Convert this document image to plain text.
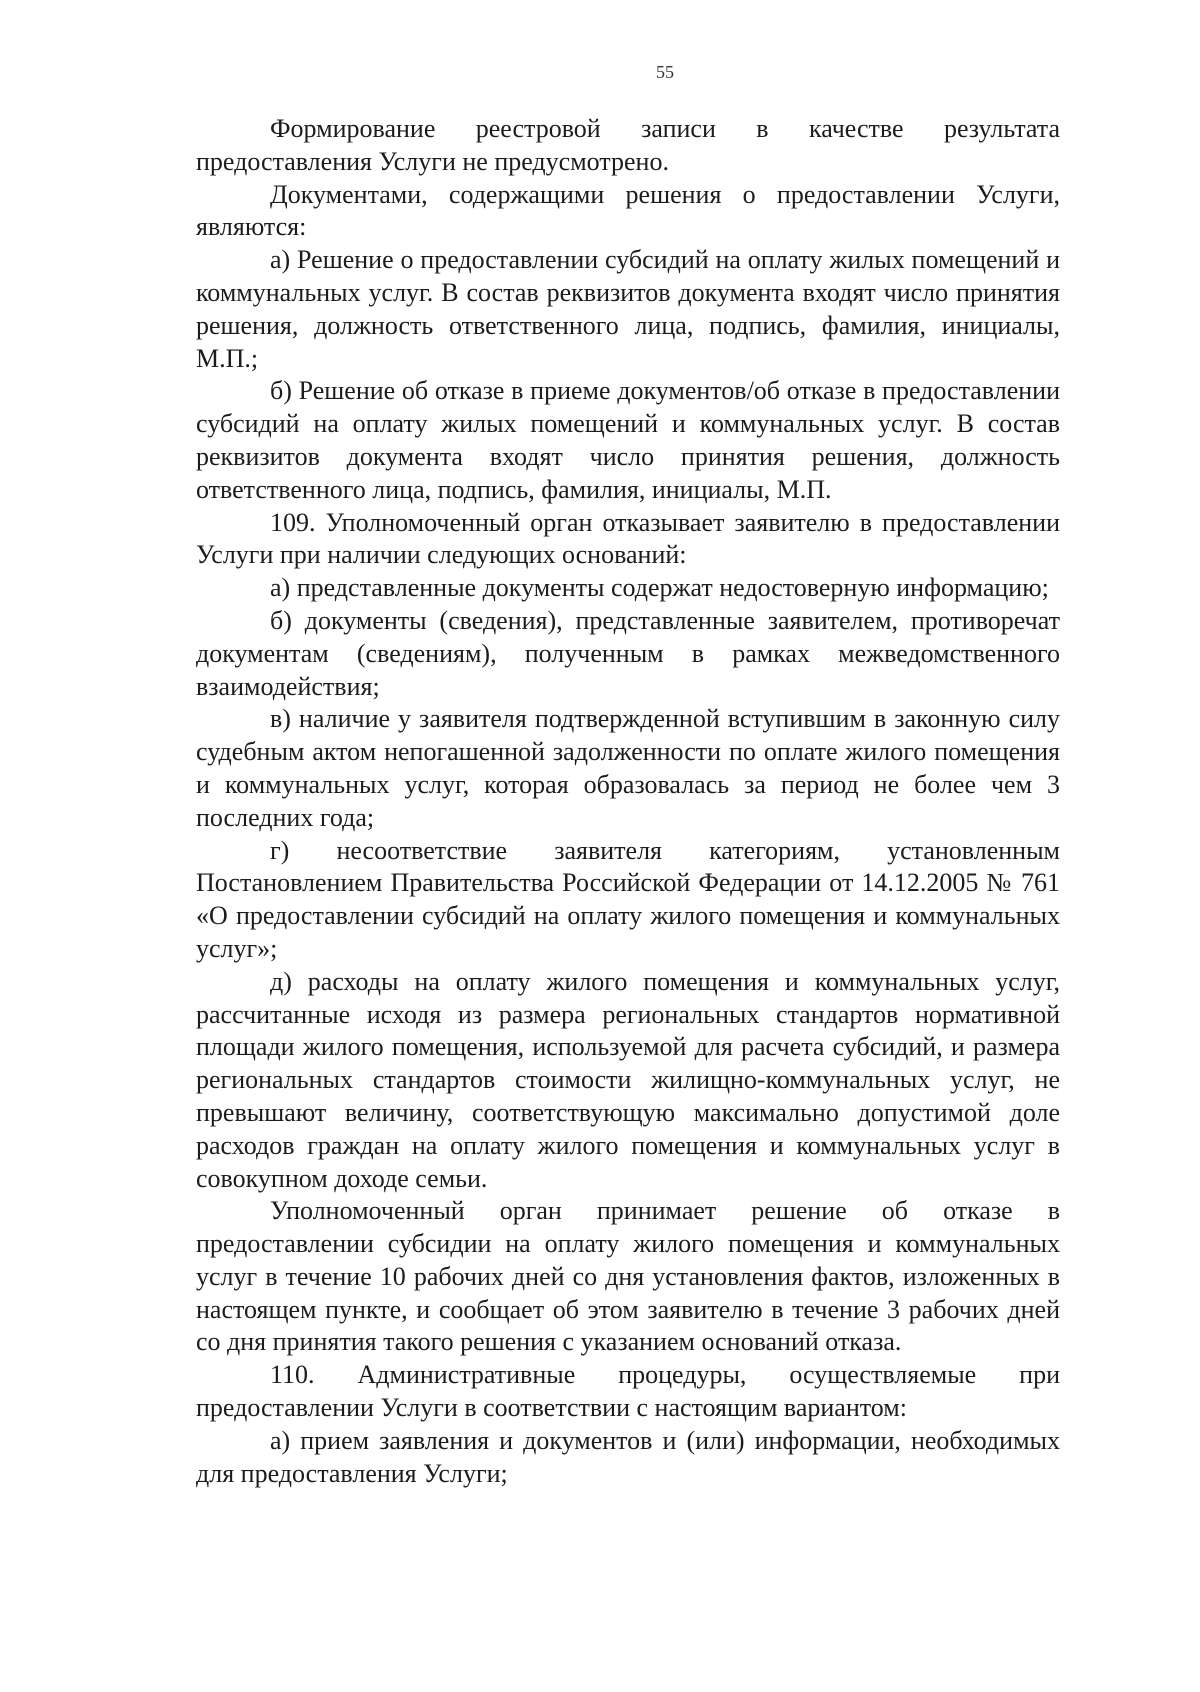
55

Формирование реестровой записи в качестве результата предоставления Услуги не предусмотрено.

Документами, содержащими решения о предоставлении Услуги, являются:

а) Решение о предоставлении субсидий на оплату жилых помещений и коммунальных услуг. В состав реквизитов документа входят число принятия решения, должность ответственного лица, подпись, фамилия, инициалы, М.П.;

б) Решение об отказе в приеме документов/об отказе в предоставлении субсидий на оплату жилых помещений и коммунальных услуг. В состав реквизитов документа входят число принятия решения, должность ответственного лица, подпись, фамилия, инициалы, М.П.

109. Уполномоченный орган отказывает заявителю в предоставлении Услуги при наличии следующих оснований:

а) представленные документы содержат недостоверную информацию;

б) документы (сведения), представленные заявителем, противоречат документам (сведениям), полученным в рамках межведомственного взаимодействия;

в) наличие у заявителя подтвержденной вступившим в законную силу судебным актом непогашенной задолженности по оплате жилого помещения и коммунальных услуг, которая образовалась за период не более чем 3 последних года;

г) несоответствие заявителя категориям, установленным Постановлением Правительства Российской Федерации от 14.12.2005 № 761 «О предоставлении субсидий на оплату жилого помещения и коммунальных услуг»;

д) расходы на оплату жилого помещения и коммунальных услуг, рассчитанные исходя из размера региональных стандартов нормативной площади жилого помещения, используемой для расчета субсидий, и размера региональных стандартов стоимости жилищно-коммунальных услуг, не превышают величину, соответствующую максимально допустимой доле расходов граждан на оплату жилого помещения и коммунальных услуг в совокупном доходе семьи.

Уполномоченный орган принимает решение об отказе в предоставлении субсидии на оплату жилого помещения и коммунальных услуг в течение 10 рабочих дней со дня установления фактов, изложенных в настоящем пункте, и сообщает об этом заявителю в течение 3 рабочих дней со дня принятия такого решения с указанием оснований отказа.

110. Административные процедуры, осуществляемые при предоставлении Услуги в соответствии с настоящим вариантом:

а) прием заявления и документов и (или) информации, необходимых для предоставления Услуги;
